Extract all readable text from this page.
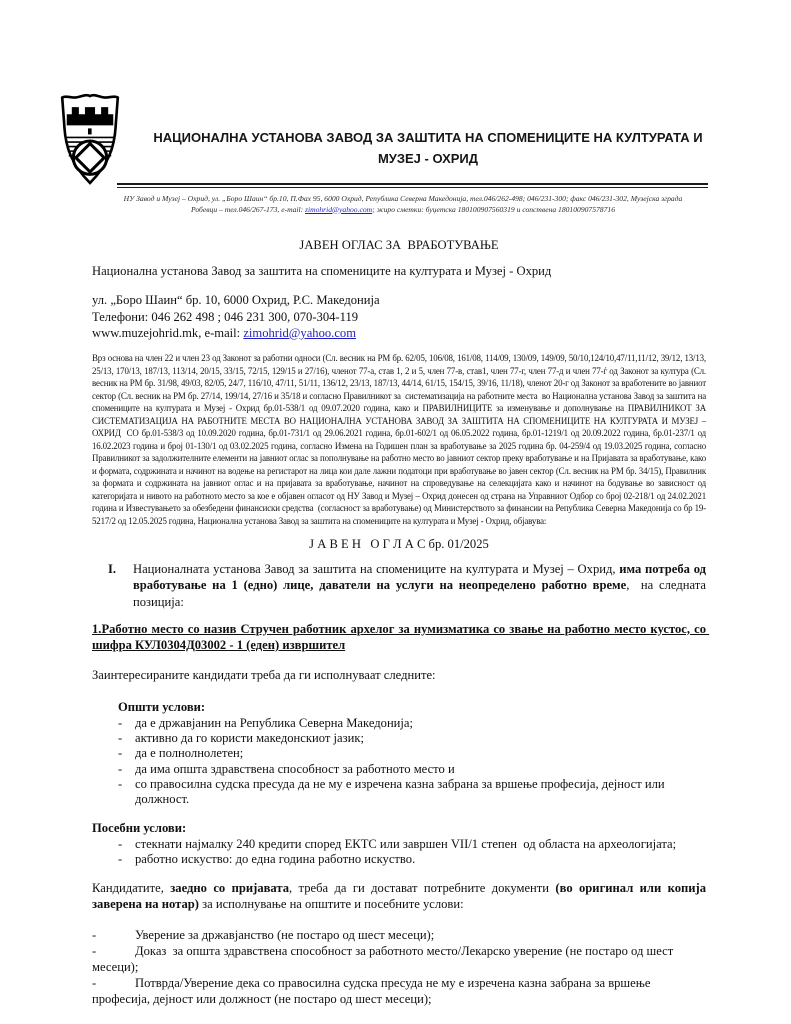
НАЦИОНАЛНА УСТАНОВА ЗАВОД ЗА ЗАШТИТА НА СПОМЕНИЦИТЕ НА КУЛТУРАТА И
МУЗЕЈ - ОХРИД
НУ Завод и Музеј – Охрид, ул. „Боро Шаин“ бр.10, П.Фах 95, 6000 Охрид, Република Северна Македонија, тел.046/262-498; 046/231-300; факс 046/231-302, Музејска зграда
Робевци – тел.046/267-173, e-mail: zimohrid@yahoo.com; жиро сметки: буџетска 180100907560319 и сопствена 180100907578716
ЈАВЕН ОГЛАС ЗА  ВРАБОТУВАЊЕ
Национална установа Завод за заштита на спомениците на културата и Музеј - Охрид
ул. „Боро Шаин“ бр. 10, 6000 Охрид, Р.С. Македонија
Телефони: 046 262 498 ; 046 231 300, 070-304-119
www.muzejohrid.mk, e-mail: zimohrid@yahoo.com
Врз основа на член 22 и член 23 од Законот за работни односи (Сл. весник на РМ бр. 62/05, 106/08, 161/08, 114/09, 130/09, 149/09, 50/10,124/10,47/11,11/12, 39/12, 13/13, 25/13, 170/13, 187/13, 113/14, 20/15, 33/15, 72/15, 129/15 и 27/16), членот 77-а, став 1, 2 и 5, член 77-в, став1, член 77-г, член 77-д и член 77-ѓ од Законот за култура (Сл. весник на РМ бр. 31/98, 49/03, 82/05, 24/7, 116/10, 47/11, 51/11, 136/12, 23/13, 187/13, 44/14, 61/15, 154/15, 39/16, 11/18), членот 20-г од Законот за вработените во јавниот сектор (Сл. весник на РМ бр. 27/14, 199/14, 27/16 и 35/18 и согласно Правилникот за  систематизација на работните места  во Национална установа Завод за заштита на спомениците на културата и Музеј - Охрид бр.01-538/1 од 09.07.2020 година, како и ПРАВИЛНИЦИТЕ за изменување и дополнување на ПРАВИЛНИКОТ ЗА СИСТЕМАТИЗАЦИЈА НА РАБОТНИТЕ МЕСТА ВО НАЦИОНАЛНА УСТАНОВА ЗАВОД ЗА ЗАШТИТА НА СПОМЕНИЦИТЕ НА КУЛТУРАТА И МУЗЕЈ – ОХРИД  СО бр.01-538/3 од 10.09.2020 година, бр.01-731/1 од 29.06.2021 година, бр.01-602/1 од 06.05.2022 година, бр.01-1219/1 од 20.09.2022 година, бр.01-237/1 од 16.02.2023 година и број 01-130/1 од 03.02.2025 година, согласно Измена на Годишен план за вработување за 2025 година бр. 04-259/4 од 19.03.2025 година, согласно Правилникот за задолжителните елементи на јавниот оглас за пополнување на работно место во јавниот сектор преку вработување и на Пријавата за вработување, како и формата, содржината и начинот на водење на регистарот на лица кои дале лажни податоци при вработување во јавен сектор (Сл. весник на РМ бр. 34/15), Правилник за формата и содржината на јавниот оглас и на пријавата за вработување, начинот на спроведување на селекцијата како и начинот на бодување во зависност од категоријата и нивото на работното место за кое е објавен огласот од НУ Завод и Музеј – Охрид донесен од страна на Управниот Одбор со број 02-218/1 од 24.02.2021 година и Известувањето за обезбедени финансиски средства  (согласност за вработување) од Министерството за финансии на Република Северна Македонија со бр 19-5217/2 од 12.05.2025 година, Национална установа Завод за заштита на спомениците на културата и Музеј - Охрид, објавува:
Ј А В Е Н   О Г Л А С бр. 01/2025
I.	Националната установа Завод за заштита на спомениците на културата и Музеј – Охрид, има потреба од вработување на 1 (едно) лице, даватели на услуги на неопределено работно време,  на следната позиција:
1.Работно место со назив Стручен работник архелог за нумизматика со звање на работно место кустос, со шифра КУЛ0304Д03002 - 1 (еден) извршител
Заинтересираните кандидати треба да ги исполнуваат следните:
Општи услови:
-	да е државјанин на Република Северна Македонија;
-	активно да го користи македонскиот јазик;
-	да е полнолнолетен;
-	да има општа здравствена способност за работното место и
-	со правосилна судска пресуда да не му е изречена казна забрана за вршење професија, дејност или должност.
Посебни услови:
-	стекнати најмалку 240 кредити според ЕКТС или завршен VII/1 степен  од областа на археологијата;
-	работно искуство: до една година работно искуство.
Кандидатите, заедно со пријавата, треба да ги достават потребните документи (во оригинал или копија заверена на нотар) за исполнување на општите и посебните услови:
-	Уверение за државјанство (не постаро од шест месеци);
-	Доказ  за општа здравствена способност за работното место/Лекарско уверение (не постаро од шест месеци);
-	Потврда/Уверение дека со правосилна судска пресуда не му е изречена казна забрана за вршење професија, дејност или должност (не постаро од шест месеци);
